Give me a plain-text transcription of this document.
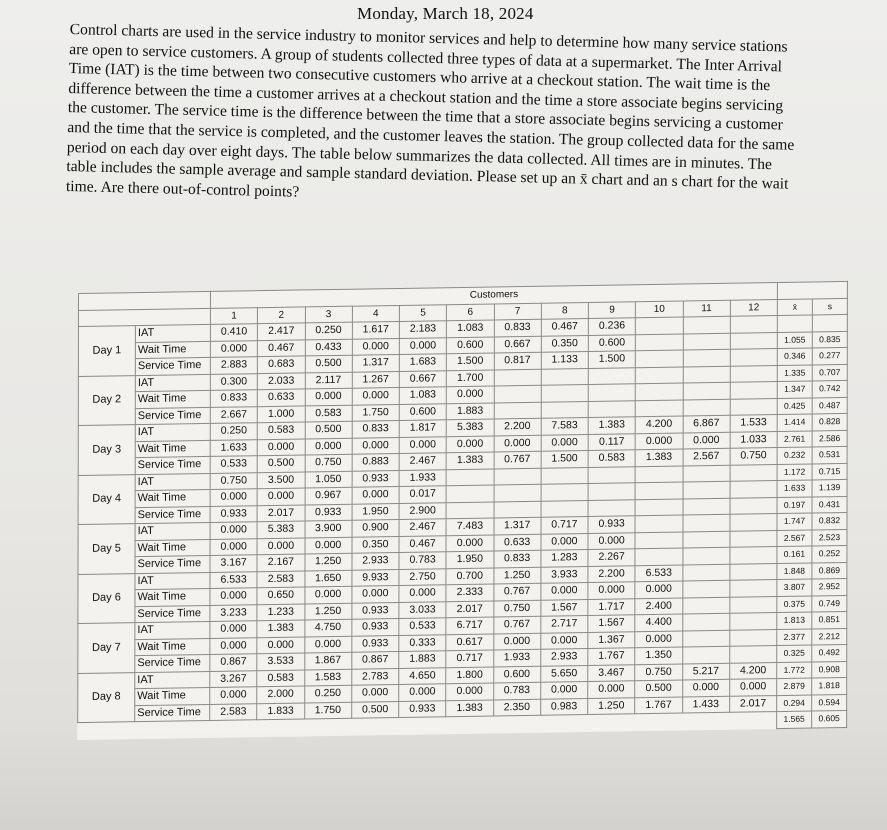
Monday, March 18, 2024
Control charts are used in the service industry to monitor services and help to determine how many service stations are open to service customers. A group of students collected three types of data at a supermarket. The Inter Arrival Time (IAT) is the time between two consecutive customers who arrive at a checkout station. The wait time is the difference between the time a customer arrives at a checkout station and the time a store associate begins servicing the customer. The service time is the difference between the time that a store associate begins servicing a customer and the time that the service is completed, and the customer leaves the station. The group collected data for the same period on each day over eight days. The table below summarizes the data collected. All times are in minutes. The table includes the sample average and sample standard deviation. Please set up an x̄ chart and an s chart for the wait time. Are there out-of-control points?
		Customers													
		1	2	3	4	5	6	7	8	9	10	11	12	x̄	s
Day 1	IAT	0.410	2.417	0.250	1.617	2.183	1.083	0.833	0.467	0.236					
	Wait Time	0.000	0.467	0.433	0.000	0.000	0.600	0.667	0.350	0.600				1.055	0.835
	Service Time	2.883	0.683	0.500	1.317	1.683	1.500	0.817	1.133	1.500				0.346	0.277
Day 2	IAT	0.300	2.033	2.117	1.267	0.667	1.700							1.335	0.707
	Wait Time	0.833	0.633	0.000	0.000	1.083	0.000							1.347	0.742
	Service Time	2.667	1.000	0.583	1.750	0.600	1.883							0.425	0.487
Day 3	IAT	0.250	0.583	0.500	0.833	1.817	5.383	2.200	7.583	1.383	4.200	6.867	1.533	1.414	0.828
	Wait Time	1.633	0.000	0.000	0.000	0.000	0.000	0.000	0.000	0.117	0.000	0.000	1.033	2.761	2.586
	Service Time	0.533	0.500	0.750	0.883	2.467	1.383	0.767	1.500	0.583	1.383	2.567	0.750	0.232	0.531
Day 4	IAT	0.750	3.500	1.050	0.933	1.933								1.172	0.715
	Wait Time	0.000	0.000	0.967	0.000	0.017								1.633	1.139
	Service Time	0.933	2.017	0.933	1.950	2.900								0.197	0.431
Day 5	IAT	0.000	5.383	3.900	0.900	2.467	7.483	1.317	0.717	0.933				1.747	0.832
	Wait Time	0.000	0.000	0.000	0.350	0.467	0.000	0.633	0.000	0.000				2.567	2.523
	Service Time	3.167	2.167	1.250	2.933	0.783	1.950	0.833	1.283	2.267				0.161	0.252
Day 6	IAT	6.533	2.583	1.650	9.933	2.750	0.700	1.250	3.933	2.200	6.533			1.848	0.869
	Wait Time	0.000	0.650	0.000	0.000	0.000	2.333	0.767	0.000	0.000	0.000			3.807	2.952
	Service Time	3.233	1.233	1.250	0.933	3.033	2.017	0.750	1.567	1.717	2.400			0.375	0.749
Day 7	IAT	0.000	1.383	4.750	0.933	0.533	6.717	0.767	2.717	1.567	4.400			1.813	0.851
	Wait Time	0.000	0.000	0.000	0.933	0.333	0.617	0.000	0.000	1.367	0.000			2.377	2.212
	Service Time	0.867	3.533	1.867	0.867	1.883	0.717	1.933	2.933	1.767	1.350			0.325	0.492
Day 8	IAT	3.267	0.583	1.583	2.783	4.650	1.800	0.600	5.650	3.467	0.750	5.217	4.200	1.772	0.908
	Wait Time	0.000	2.000	0.250	0.000	0.000	0.000	0.783	0.000	0.000	0.500	0.000	0.000	2.879	1.818
	Service Time	2.583	1.833	1.750	0.500	0.933	1.383	2.350	0.983	1.250	1.767	1.433	2.017	0.294	0.594
														1.565	0.605
